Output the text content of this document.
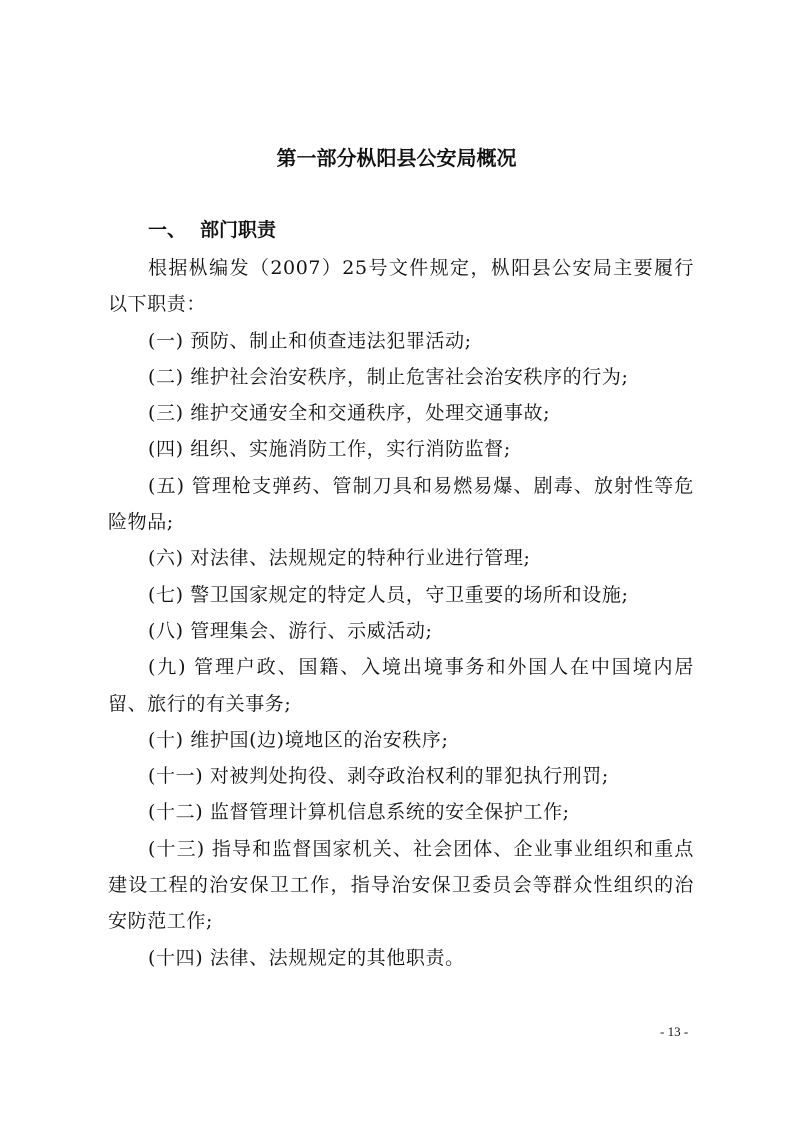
第一部分枞阳县公安局概况
一、 部门职责

根据枞编发（2007）25号文件规定，枞阳县公安局主要履行以下职责：

(一) 预防、制止和侦查违法犯罪活动;

(二) 维护社会治安秩序，制止危害社会治安秩序的行为;

(三) 维护交通安全和交通秩序，处理交通事故;

(四) 组织、实施消防工作，实行消防监督;

(五) 管理枪支弹药、管制刀具和易燃易爆、剧毒、放射性等危险物品;

(六) 对法律、法规规定的特种行业进行管理;

(七) 警卫国家规定的特定人员，守卫重要的场所和设施;

(八) 管理集会、游行、示威活动;

(九) 管理户政、国籍、入境出境事务和外国人在中国境内居留、旅行的有关事务;

(十) 维护国(边)境地区的治安秩序;

(十一) 对被判处拘役、剥夺政治权利的罪犯执行刑罚;

(十二) 监督管理计算机信息系统的安全保护工作;

(十三) 指导和监督国家机关、社会团体、企业事业组织和重点建设工程的治安保卫工作，指导治安保卫委员会等群众性组织的治安防范工作;

(十四) 法律、法规规定的其他职责。

- 13 -
